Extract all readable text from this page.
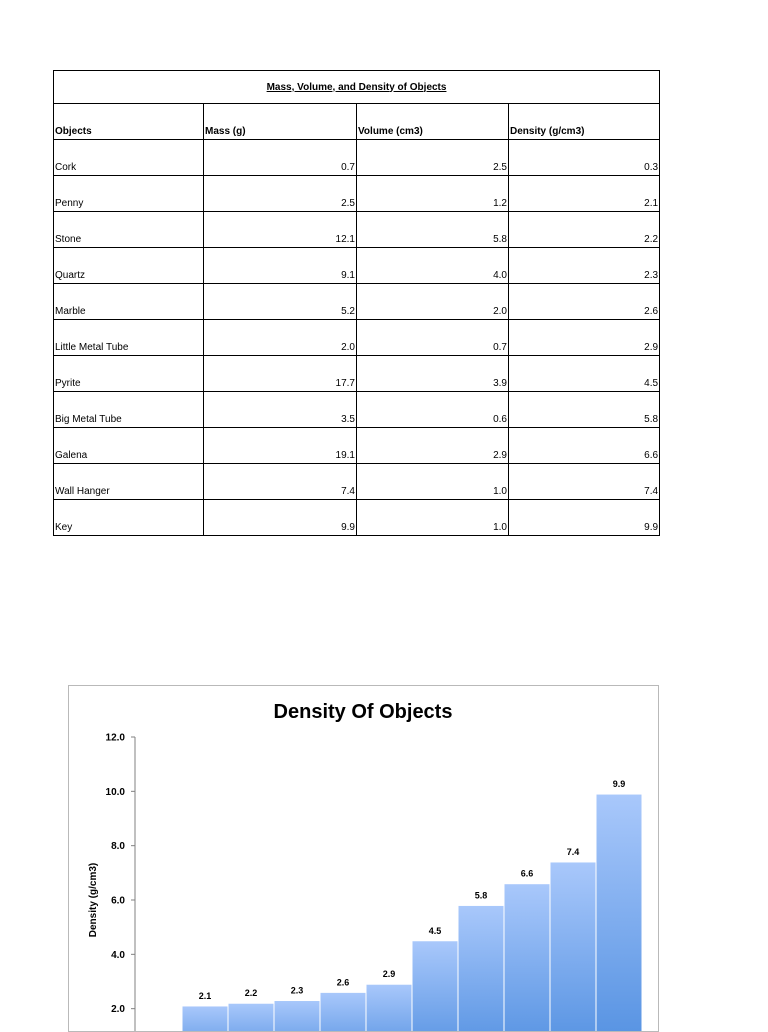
Mass, Volume, and Density of Objects			
Objects	Mass (g)	Volume (cm3)	Density (g/cm3)
Cork	0.7	2.5	0.3
Penny	2.5	1.2	2.1
Stone	12.1	5.8	2.2
Quartz	9.1	4.0	2.3
Marble	5.2	2.0	2.6
Little Metal Tube	2.0	0.7	2.9
Pyrite	17.7	3.9	4.5
Big Metal Tube	3.5	0.6	5.8
Galena	19.1	2.9	6.6
Wall Hanger	7.4	1.0	7.4
Key	9.9	1.0	9.9
Density Of Objects
Density (g/cm3)
2.0
4.0
6.0
8.0
10.0
12.0
2.1	2.2	2.3
2.6
2.9
4.5
5.8
6.6
7.4
9.9
